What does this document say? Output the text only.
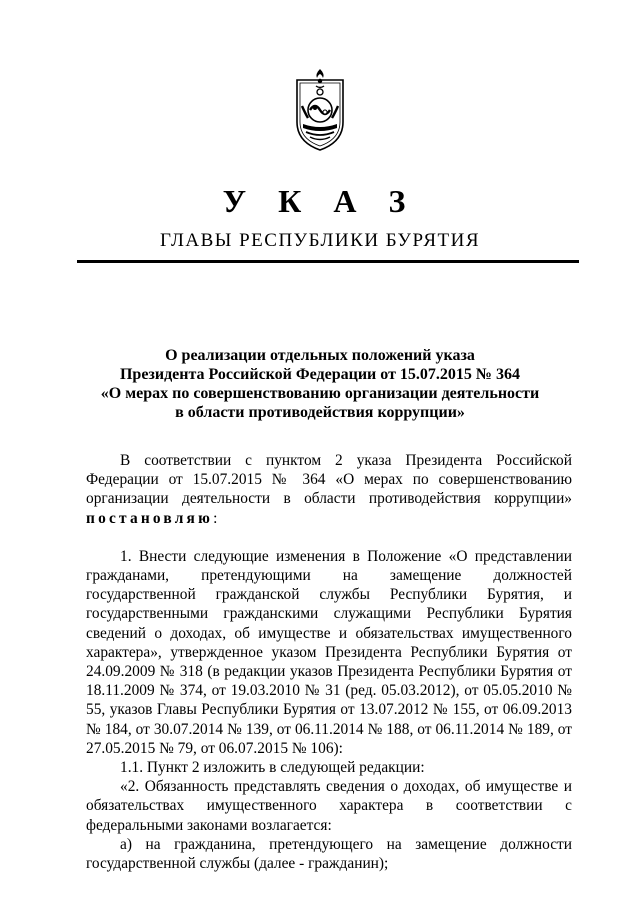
У К А З
ГЛАВЫ РЕСПУБЛИКИ БУРЯТИЯ
О реализации отдельных положений указа
Президента Российской Федерации от 15.07.2015 № 364
«О мерах по совершенствованию организации деятельности
в области противодействия коррупции»

В соответствии с пунктом 2 указа Президента Российской Федерации от 15.07.2015 № 364 «О мерах по совершенствованию организации деятельности в области противодействия коррупции» постановляю:

1. Внести следующие изменения в Положение «О представлении гражданами, претендующими на замещение должностей государственной гражданской службы Республики Бурятия, и государственными гражданскими служащими Республики Бурятия сведений о доходах, об имуществе и обязательствах имущественного характера», утвержденное указом Президента Республики Бурятия от 24.09.2009 № 318 (в редакции указов Президента Республики Бурятия от 18.11.2009 № 374, от 19.03.2010 № 31 (ред. 05.03.2012), от 05.05.2010 № 55, указов Главы Республики Бурятия от 13.07.2012 № 155, от 06.09.2013 № 184, от 30.07.2014 № 139, от 06.11.2014 № 188, от 06.11.2014 № 189, от 27.05.2015 № 79, от 06.07.2015 № 106):

1.1. Пункт 2 изложить в следующей редакции:

«2. Обязанность представлять сведения о доходах, об имуществе и обязательствах имущественного характера в соответствии с федеральными законами возлагается:

а) на гражданина, претендующего на замещение должности государственной службы (далее - гражданин);
